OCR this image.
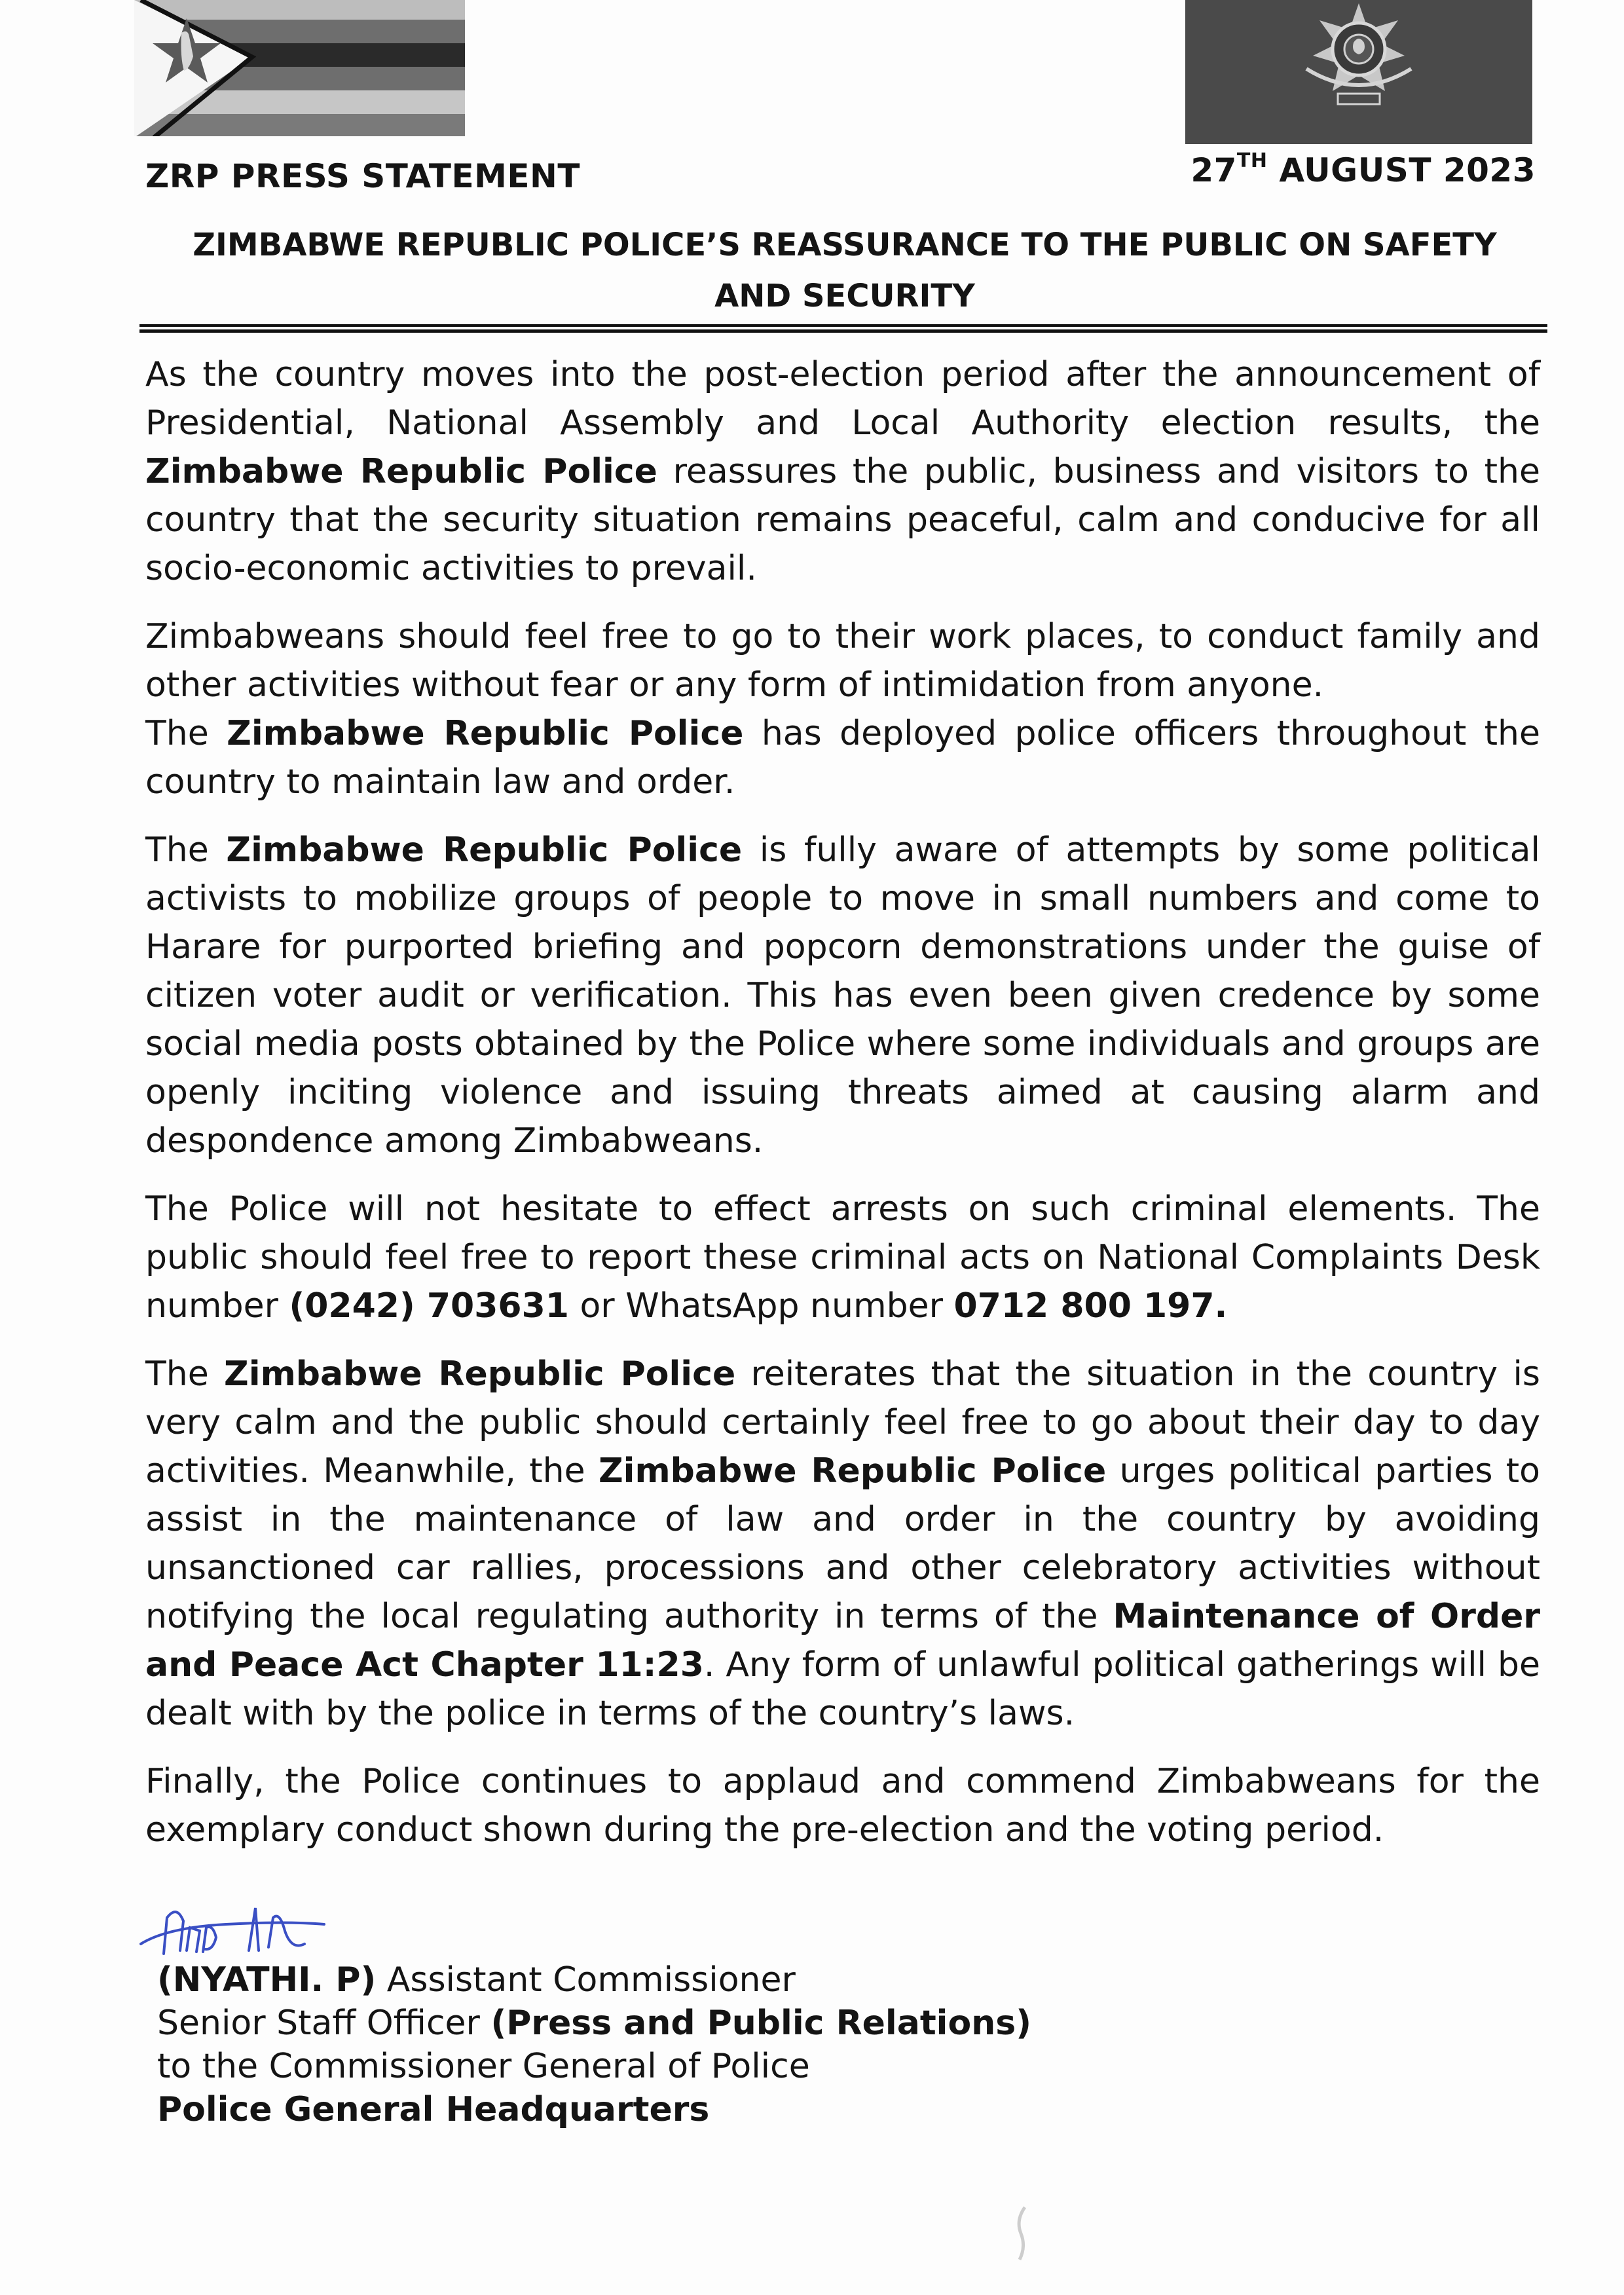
ZRP PRESS STATEMENT	27TH AUGUST 2023
ZIMBABWE REPUBLIC POLICE’S REASSURANCE TO THE PUBLIC ON SAFETY
AND SECURITY

As the country moves into the post-election period after the announcement of Presidential, National Assembly and Local Authority election results, the Zimbabwe Republic Police reassures the public, business and visitors to the country that the security situation remains peaceful, calm and conducive for all socio-economic activities to prevail.

Zimbabweans should feel free to go to their work places, to conduct family and other activities without fear or any form of intimidation from anyone.

The Zimbabwe Republic Police has deployed police officers throughout the country to maintain law and order.

The Zimbabwe Republic Police is fully aware of attempts by some political activists to mobilize groups of people to move in small numbers and come to Harare for purported briefing and popcorn demonstrations under the guise of citizen voter audit or verification. This has even been given credence by some social media posts obtained by the Police where some individuals and groups are openly inciting violence and issuing threats aimed at causing alarm and despondence among Zimbabweans.

The Police will not hesitate to effect arrests on such criminal elements. The public should feel free to report these criminal acts on National Complaints Desk number (0242) 703631 or WhatsApp number 0712 800 197.

The Zimbabwe Republic Police reiterates that the situation in the country is very calm and the public should certainly feel free to go about their day to day activities. Meanwhile, the Zimbabwe Republic Police urges political parties to assist in the maintenance of law and order in the country by avoiding unsanctioned car rallies, processions and other celebratory activities without notifying the local regulating authority in terms of the Maintenance of Order and Peace Act Chapter 11:23. Any form of unlawful political gatherings will be dealt with by the police in terms of the country’s laws.

Finally, the Police continues to applaud and commend Zimbabweans for the exemplary conduct shown during the pre-election and the voting period.

(NYATHI. P) Assistant Commissioner
Senior Staff Officer (Press and Public Relations)
to the Commissioner General of Police
Police General Headquarters
